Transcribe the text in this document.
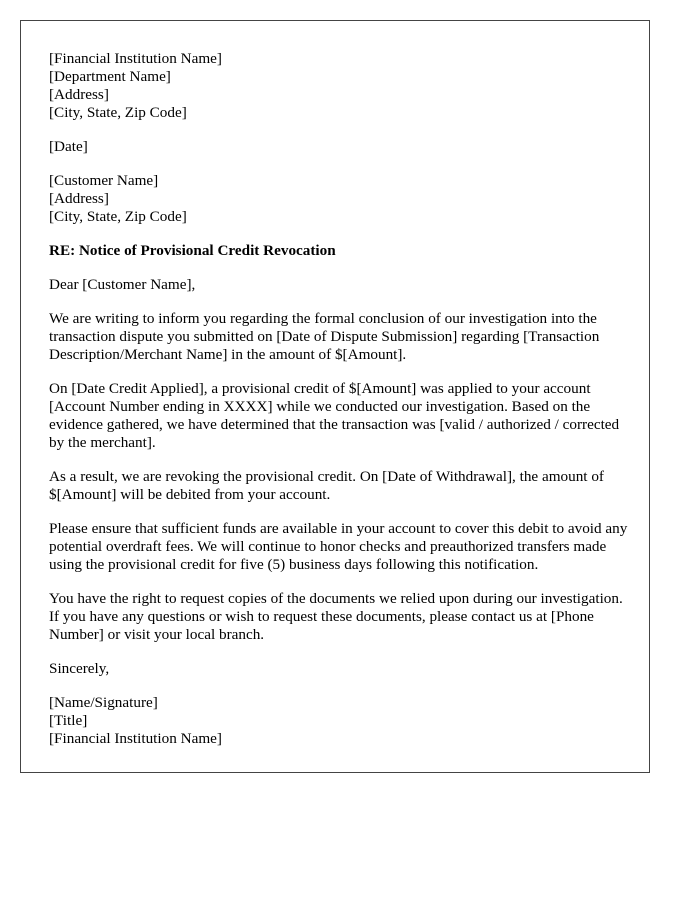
[Financial Institution Name]
[Department Name]
[Address]
[City, State, Zip Code]
[Date]
[Customer Name]
[Address]
[City, State, Zip Code]

RE: Notice of Provisional Credit Revocation

Dear [Customer Name],

We are writing to inform you regarding the formal conclusion of our investigation into the transaction dispute you submitted on [Date of Dispute Submission] regarding [Transaction Description/Merchant Name] in the amount of $[Amount].

On [Date Credit Applied], a provisional credit of $[Amount] was applied to your account [Account Number ending in XXXX] while we conducted our investigation. Based on the evidence gathered, we have determined that the transaction was [valid / authorized / corrected by the merchant].

As a result, we are revoking the provisional credit. On [Date of Withdrawal], the amount of $[Amount] will be debited from your account.

Please ensure that sufficient funds are available in your account to cover this debit to avoid any potential overdraft fees. We will continue to honor checks and preauthorized transfers made using the provisional credit for five (5) business days following this notification.

You have the right to request copies of the documents we relied upon during our investigation. If you have any questions or wish to request these documents, please contact us at [Phone Number] or visit your local branch.

Sincerely,

[Name/Signature]
[Title]
[Financial Institution Name]
